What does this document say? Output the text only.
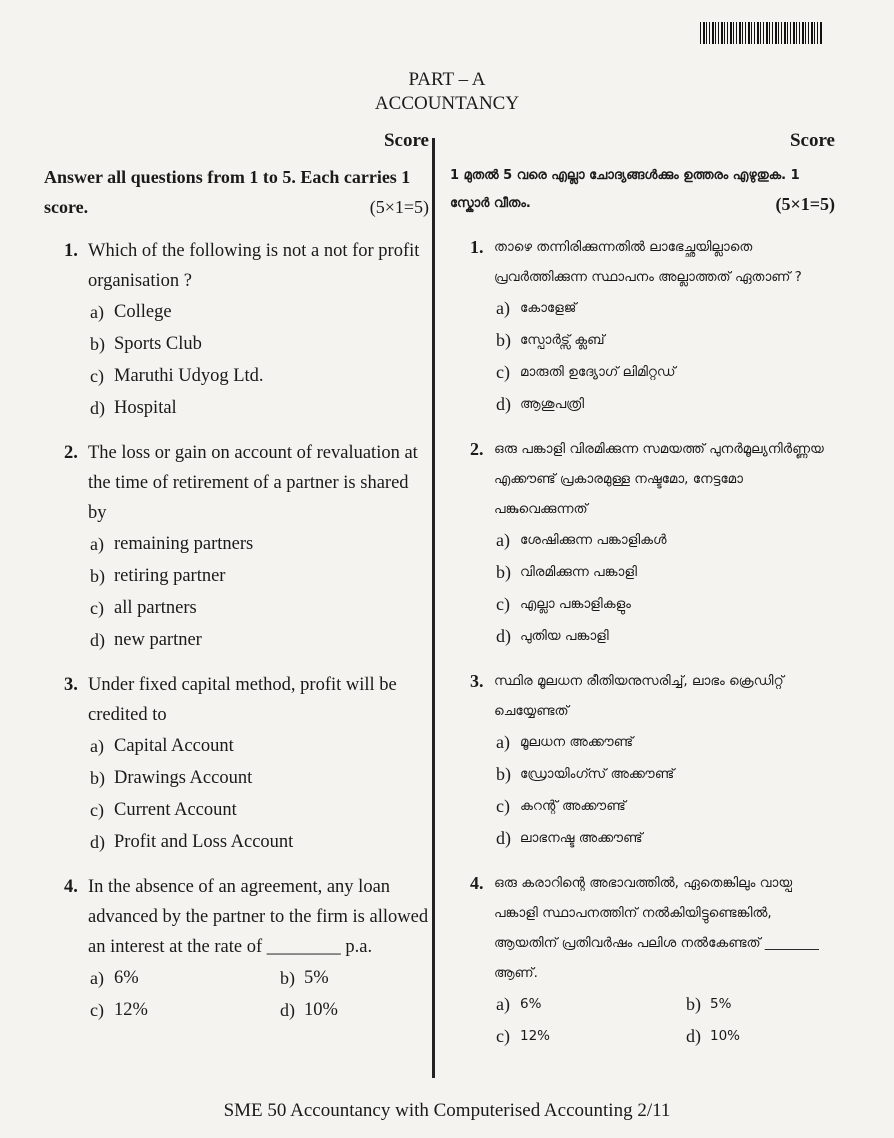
PART – A
ACCOUNTANCY
Score
Answer all questions from 1 to 5. Each carries 1 score.	(5×1=5)
1. Which of the following is not a not for profit organisation ?
a) College
b) Sports Club
c) Maruthi Udyog Ltd.
d) Hospital
2. The loss or gain on account of revaluation at the time of retirement of a partner is shared by
a) remaining partners
b) retiring partner
c) all partners
d) new partner
3. Under fixed capital method, profit will be credited to
a) Capital Account
b) Drawings Account
c) Current Account
d) Profit and Loss Account
4. In the absence of an agreement, any loan advanced by the partner to the firm is allowed an interest at the rate of ________ p.a.
a) 6%	b) 5%
c) 12%	d) 10%
Score
1 മുതൽ 5 വരെ എല്ലാ ചോദ്യങ്ങൾക്കും ഉത്തരം എഴുതുക. 1 സ്കോർ വീതം.	(5×1=5)
1. താഴെ തന്നിരിക്കുന്നതിൽ ലാഭേച്ഛയില്ലാതെ പ്രവർത്തിക്കുന്ന സ്ഥാപനം അല്ലാത്തത് ഏതാണ് ?
a) കോളേജ്
b) സ്പോർട്സ് ക്ലബ്
c) മാരുതി ഉദ്യോഗ് ലിമിറ്റഡ്
d) ആശുപത്രി
2. ഒരു പങ്കാളി വിരമിക്കുന്ന സമയത്ത് പുനർമൂല്യനിർണ്ണയ എക്കൗണ്ട് പ്രകാരമുള്ള നഷ്ടമോ, നേട്ടമോ പങ്കുവെക്കുന്നത്
a) ശേഷിക്കുന്ന പങ്കാളികൾ
b) വിരമിക്കുന്ന പങ്കാളി
c) എല്ലാ പങ്കാളികളും
d) പുതിയ പങ്കാളി
3. സ്ഥിര മൂലധന രീതിയനുസരിച്ച്, ലാഭം ക്രെഡിറ്റ് ചെയ്യേണ്ടത്
a) മൂലധന അക്കൗണ്ട്
b) ഡ്രോയിംഗ്സ് അക്കൗണ്ട്
c) കറന്റ് അക്കൗണ്ട്
d) ലാഭനഷ്ട അക്കൗണ്ട്
4. ഒരു കരാറിന്റെ അഭാവത്തിൽ, ഏതെങ്കിലും വായ്പ പങ്കാളി സ്ഥാപനത്തിന് നൽകിയിട്ടുണ്ടെങ്കിൽ, ആയതിന് പ്രതിവർഷം പലിശ നൽകേണ്ടത് ________ ആണ്.
a) 6%	b) 5%
c) 12%	d) 10%
SME 50 Accountancy with Computerised Accounting 2/11
